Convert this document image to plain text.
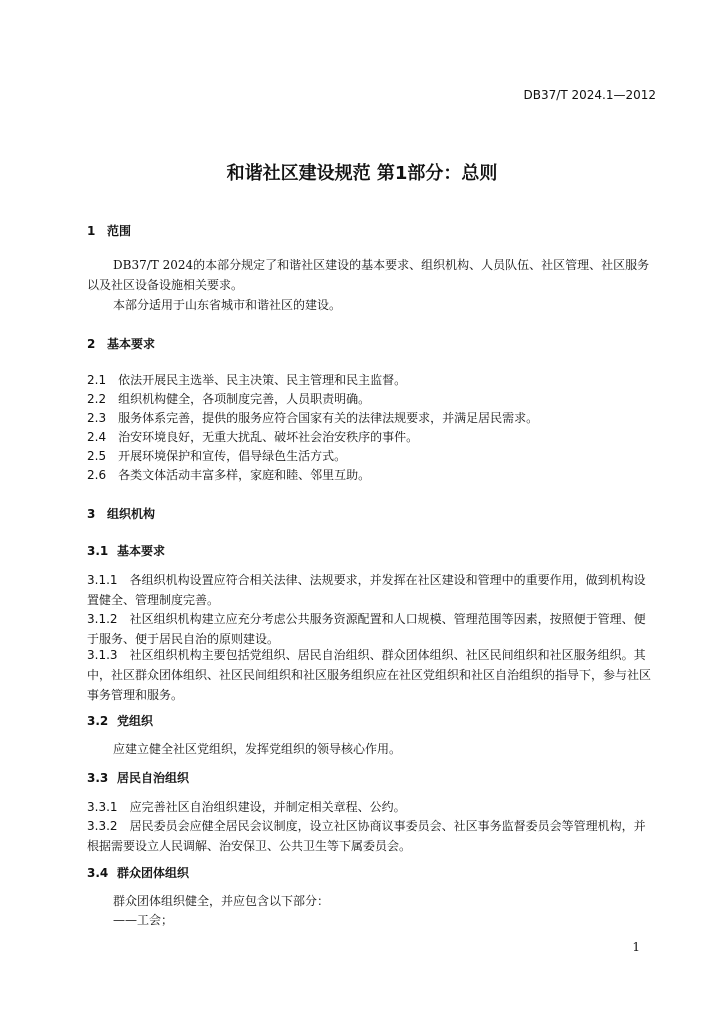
DB37/T 2024.1—2012
和谐社区建设规范 第1部分：总则
1 范围
DB37/T 2024的本部分规定了和谐社区建设的基本要求、组织机构、人员队伍、社区管理、社区服务以及社区设备设施相关要求。
本部分适用于山东省城市和谐社区的建设。
2 基本要求
2.1　 依法开展民主选举、民主决策、民主管理和民主监督。
2.2　 组织机构健全，各项制度完善，人员职责明确。
2.3　 服务体系完善，提供的服务应符合国家有关的法律法规要求，并满足居民需求。
2.4　 治安环境良好，无重大扰乱、破坏社会治安秩序的事件。
2.5　 开展环境保护和宣传，倡导绿色生活方式。
2.6　 各类文体活动丰富多样，家庭和睦、邻里互助。
3 组织机构
3.1 基本要求
3.1.1　 各组织机构设置应符合相关法律、法规要求，并发挥在社区建设和管理中的重要作用，做到机构设置健全、管理制度完善。
3.1.2　 社区组织机构建立应充分考虑公共服务资源配置和人口规模、管理范围等因素，按照便于管理、便于服务、便于居民自治的原则建设。
3.1.3　 社区组织机构主要包括党组织、居民自治组织、群众团体组织、社区民间组织和社区服务组织。其中，社区群众团体组织、社区民间组织和社区服务组织应在社区党组织和社区自治组织的指导下，参与社区事务管理和服务。
3.2 党组织
应建立健全社区党组织，发挥党组织的领导核心作用。
3.3 居民自治组织
3.3.1　 应完善社区自治组织建设，并制定相关章程、公约。
3.3.2　 居民委员会应健全居民会议制度，设立社区协商议事委员会、社区事务监督委员会等管理机构，并根据需要设立人民调解、治安保卫、公共卫生等下属委员会。
3.4 群众团体组织
群众团体组织健全，并应包含以下部分：
——工会；
1
